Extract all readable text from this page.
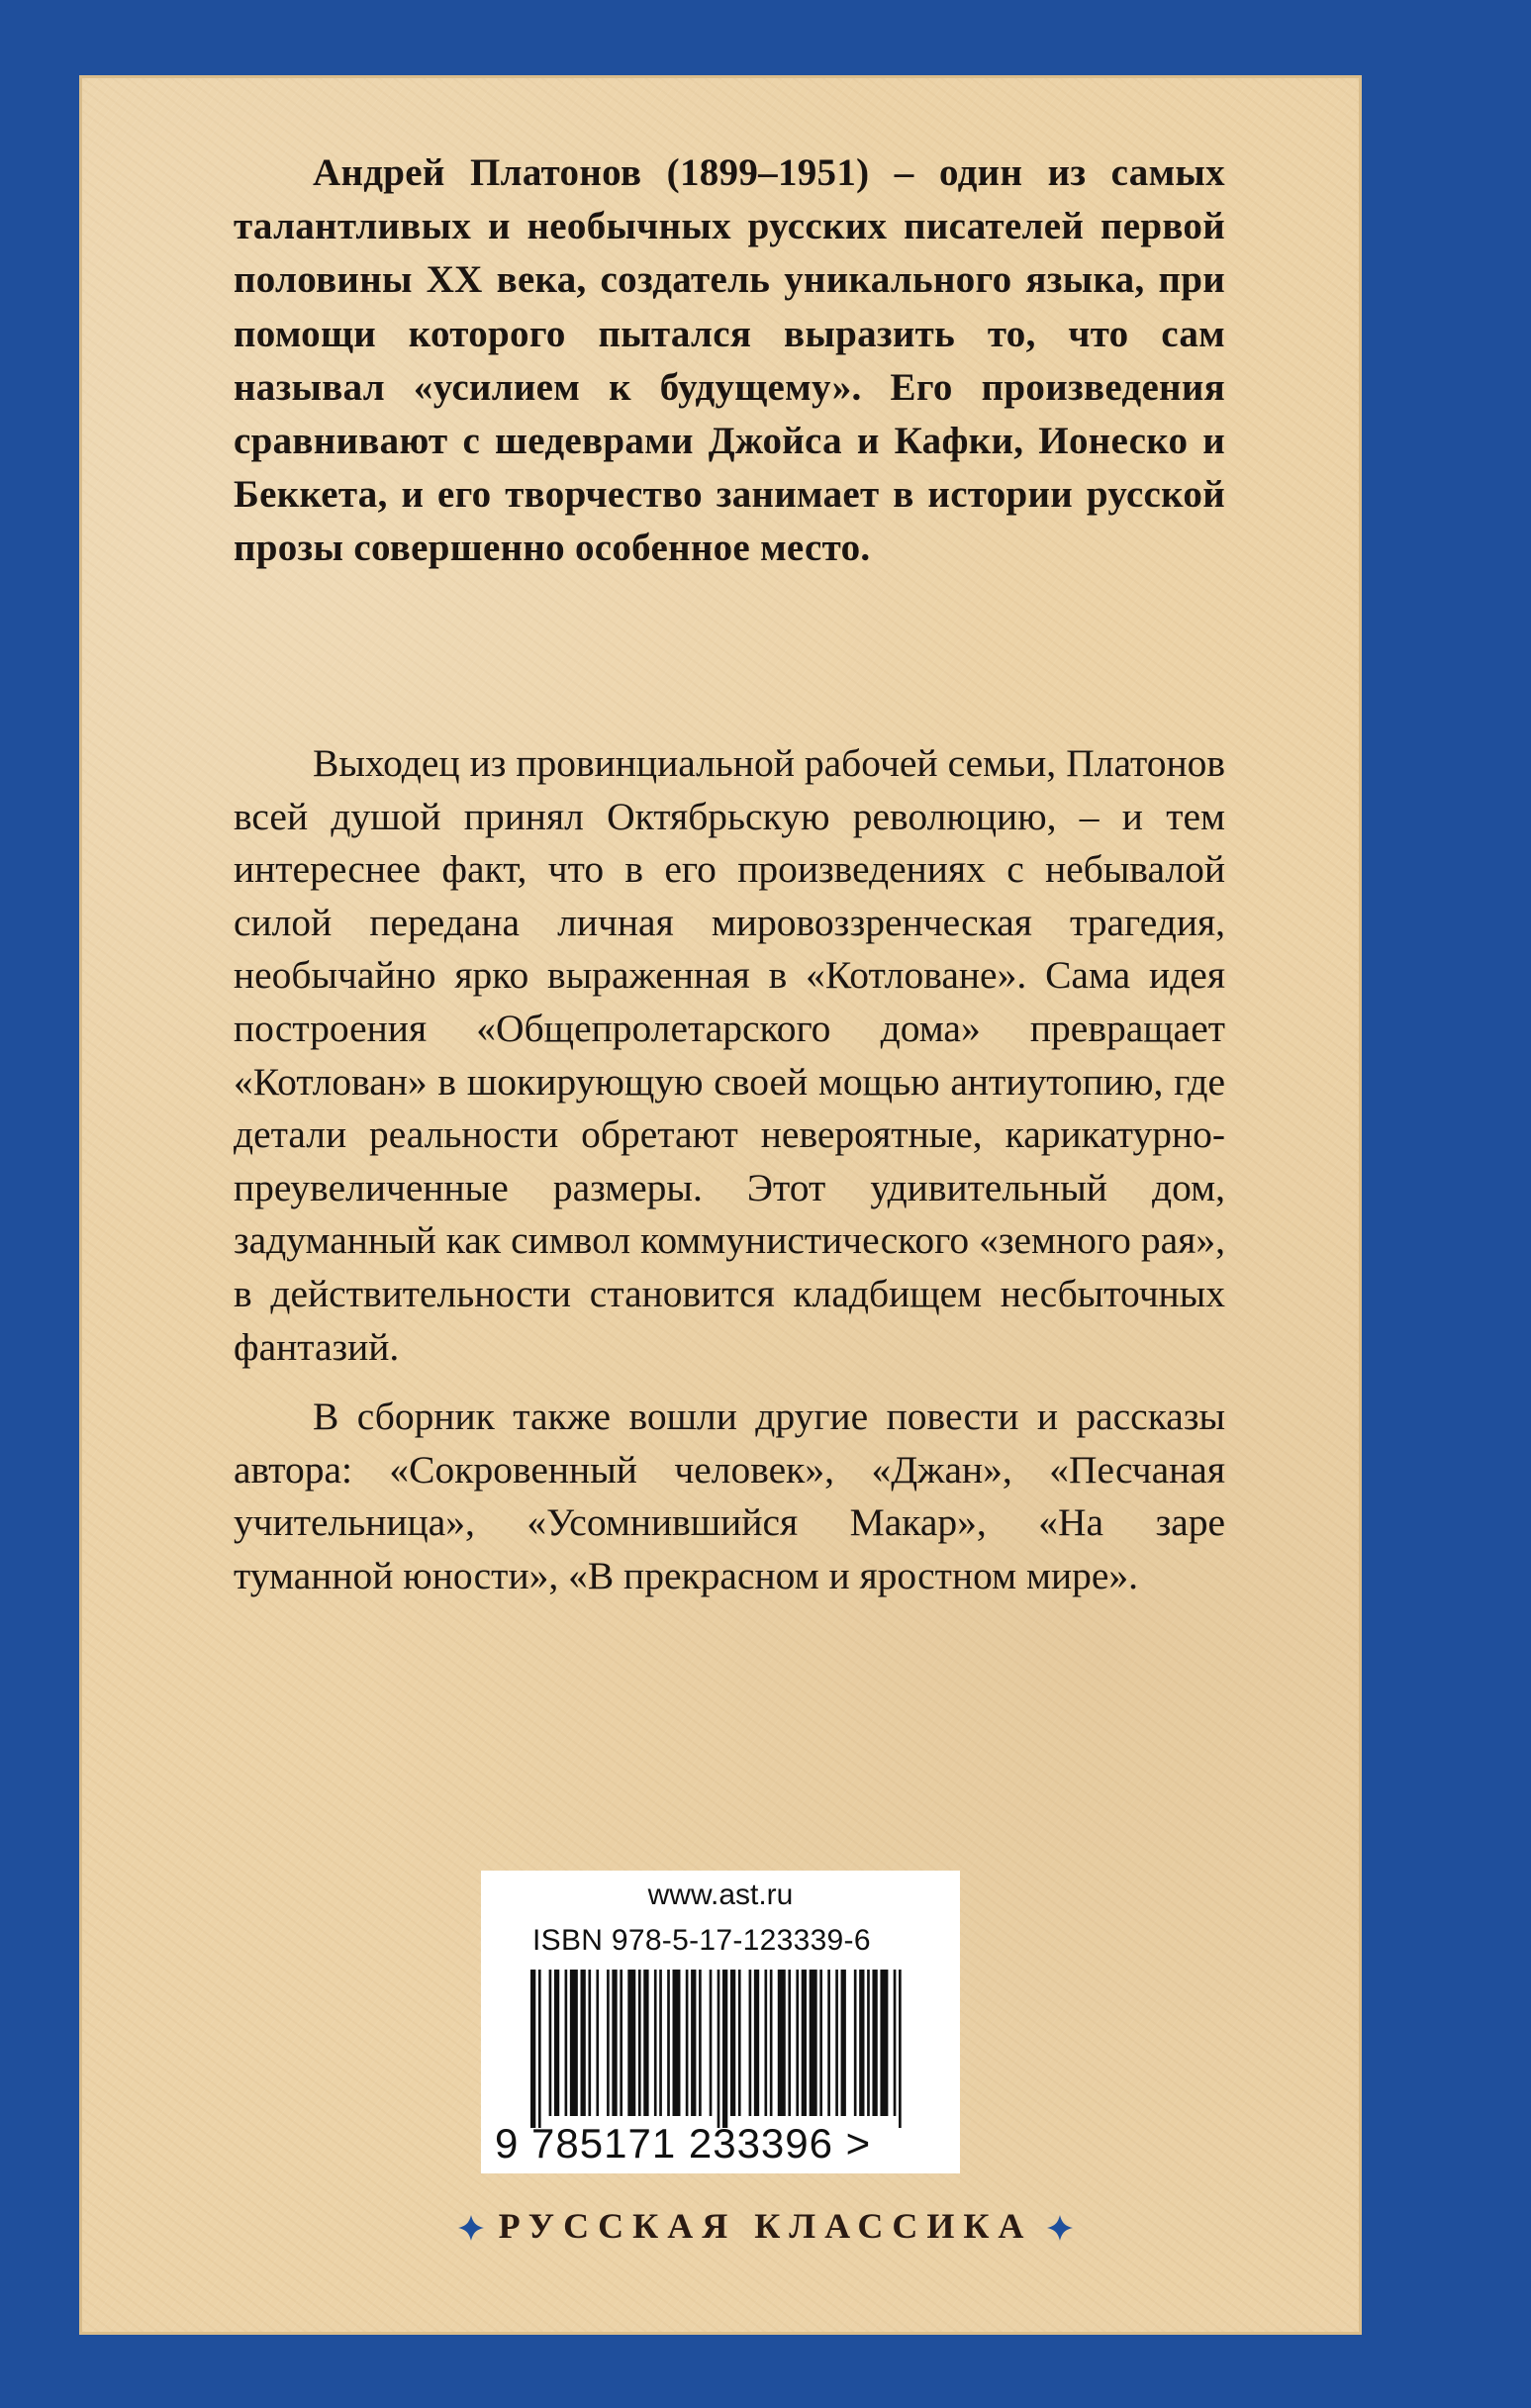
Андрей Платонов (1899–1951) – один из самых талантливых и необычных русских писателей первой половины ХХ века, создатель уникального языка, при помощи которого пытался выразить то, что сам называл «усилием к будущему». Его произведения сравнивают с шедеврами Джойса и Кафки, Ионеско и Беккета, и его творчество занимает в истории русской прозы совершенно особенное место.

Выходец из провинциальной рабочей семьи, Платонов всей душой принял Октябрьскую революцию, – и тем интереснее факт, что в его произведениях с небывалой силой передана личная мировоззренческая трагедия, необычайно ярко выраженная в «Котловане». Сама идея построения «Общепролетарского дома» превращает «Котлован» в шокирующую своей мощью антиутопию, где детали реальности обретают невероятные, карикатурно-преувеличенные размеры. Этот удивительный дом, задуманный как символ коммунистического «земного рая», в действительности становится кладбищем несбыточных фантазий.

В сборник также вошли другие повести и рассказы автора: «Сокровенный человек», «Джан», «Песчаная учительница», «Усомнившийся Макар», «На заре туманной юности», «В прекрасном и яростном мире».

www.ast.ru
ISBN 978-5-17-123339-6
9 785171 233396 >
РУССКАЯ КЛАССИКА
